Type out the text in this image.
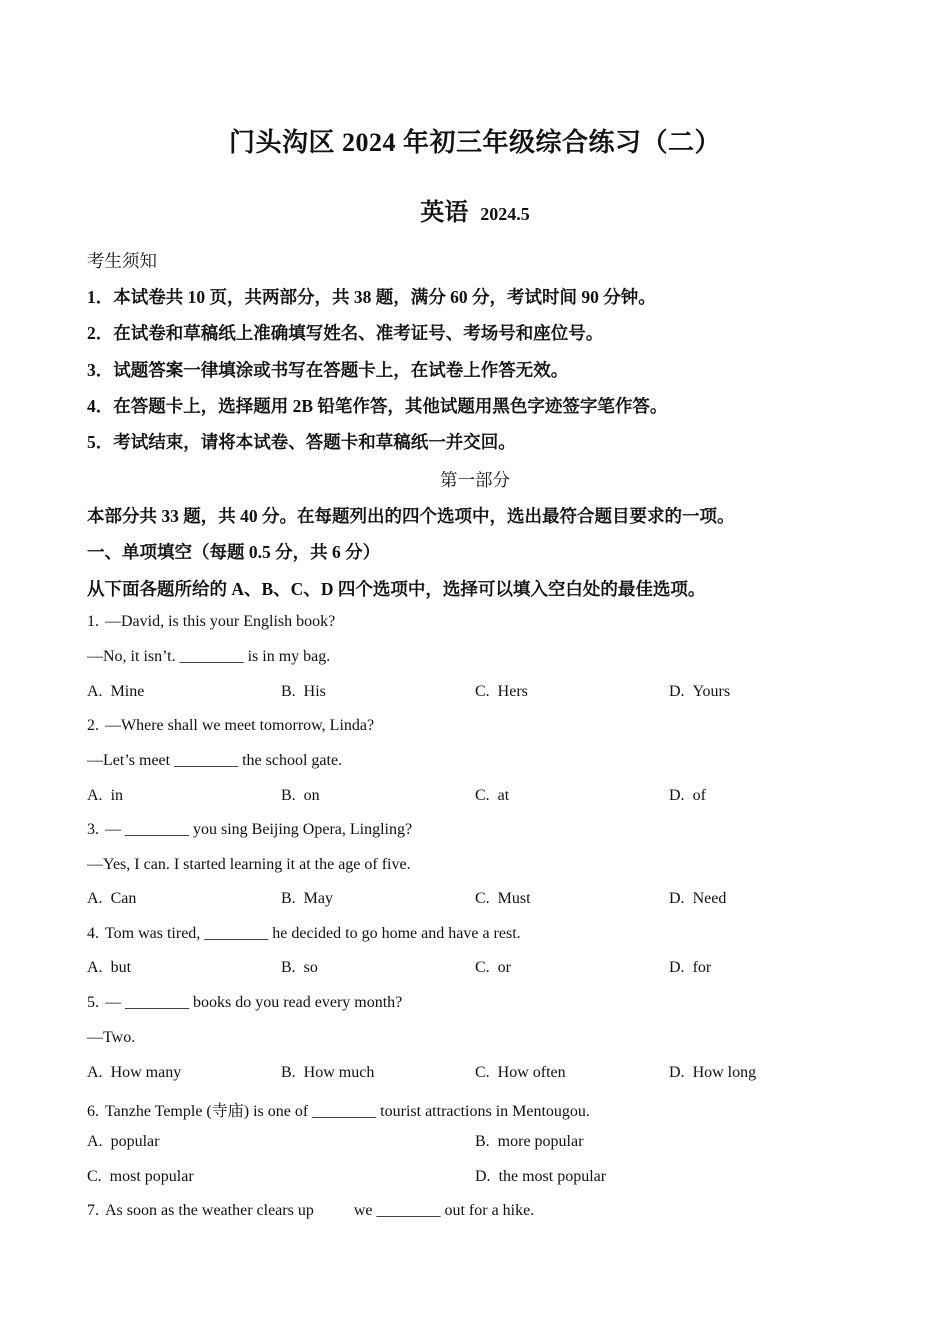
门头沟区 2024 年初三年级综合练习（二）
英语 2024.5
考生须知
1．本试卷共 10 页，共两部分，共 38 题，满分 60 分，考试时间 90 分钟。
2．在试卷和草稿纸上准确填写姓名、准考证号、考场号和座位号。
3．试题答案一律填涂或书写在答题卡上，在试卷上作答无效。
4．在答题卡上，选择题用 2B 铅笔作答，其他试题用黑色字迹签字笔作答。
5．考试结束，请将本试卷、答题卡和草稿纸一并交回。
第一部分
本部分共 33 题，共 40 分。在每题列出的四个选项中，选出最符合题目要求的一项。
一、单项填空（每题 0.5 分，共 6 分）
从下面各题所给的 A、B、C、D 四个选项中，选择可以填入空白处的最佳选项。
1. —David, is this your English book?
—No, it isn’t. ________ is in my bag.
A. Mine	B. His	C. Hers	D. Yours
2. —Where shall we meet tomorrow, Linda?
—Let’s meet ________ the school gate.
A. in	B. on	C. at	D. of
3. — ________ you sing Beijing Opera, Lingling?
—Yes, I can. I started learning it at the age of five.
A. Can	B. May	C. Must	D. Need
4. Tom was tired, ________ he decided to go home and have a rest.
A. but	B. so	C. or	D. for
5. — ________ books do you read every month?
—Two.
A. How many	B. How much	C. How often	D. How long
6. Tanzhe Temple (寺庙) is one of ________ tourist attractions in Mentougou.
A. popular	B. more popular
C. most popular	D. the most popular
7. As soon as the weather clears up          we ________ out for a hike.
